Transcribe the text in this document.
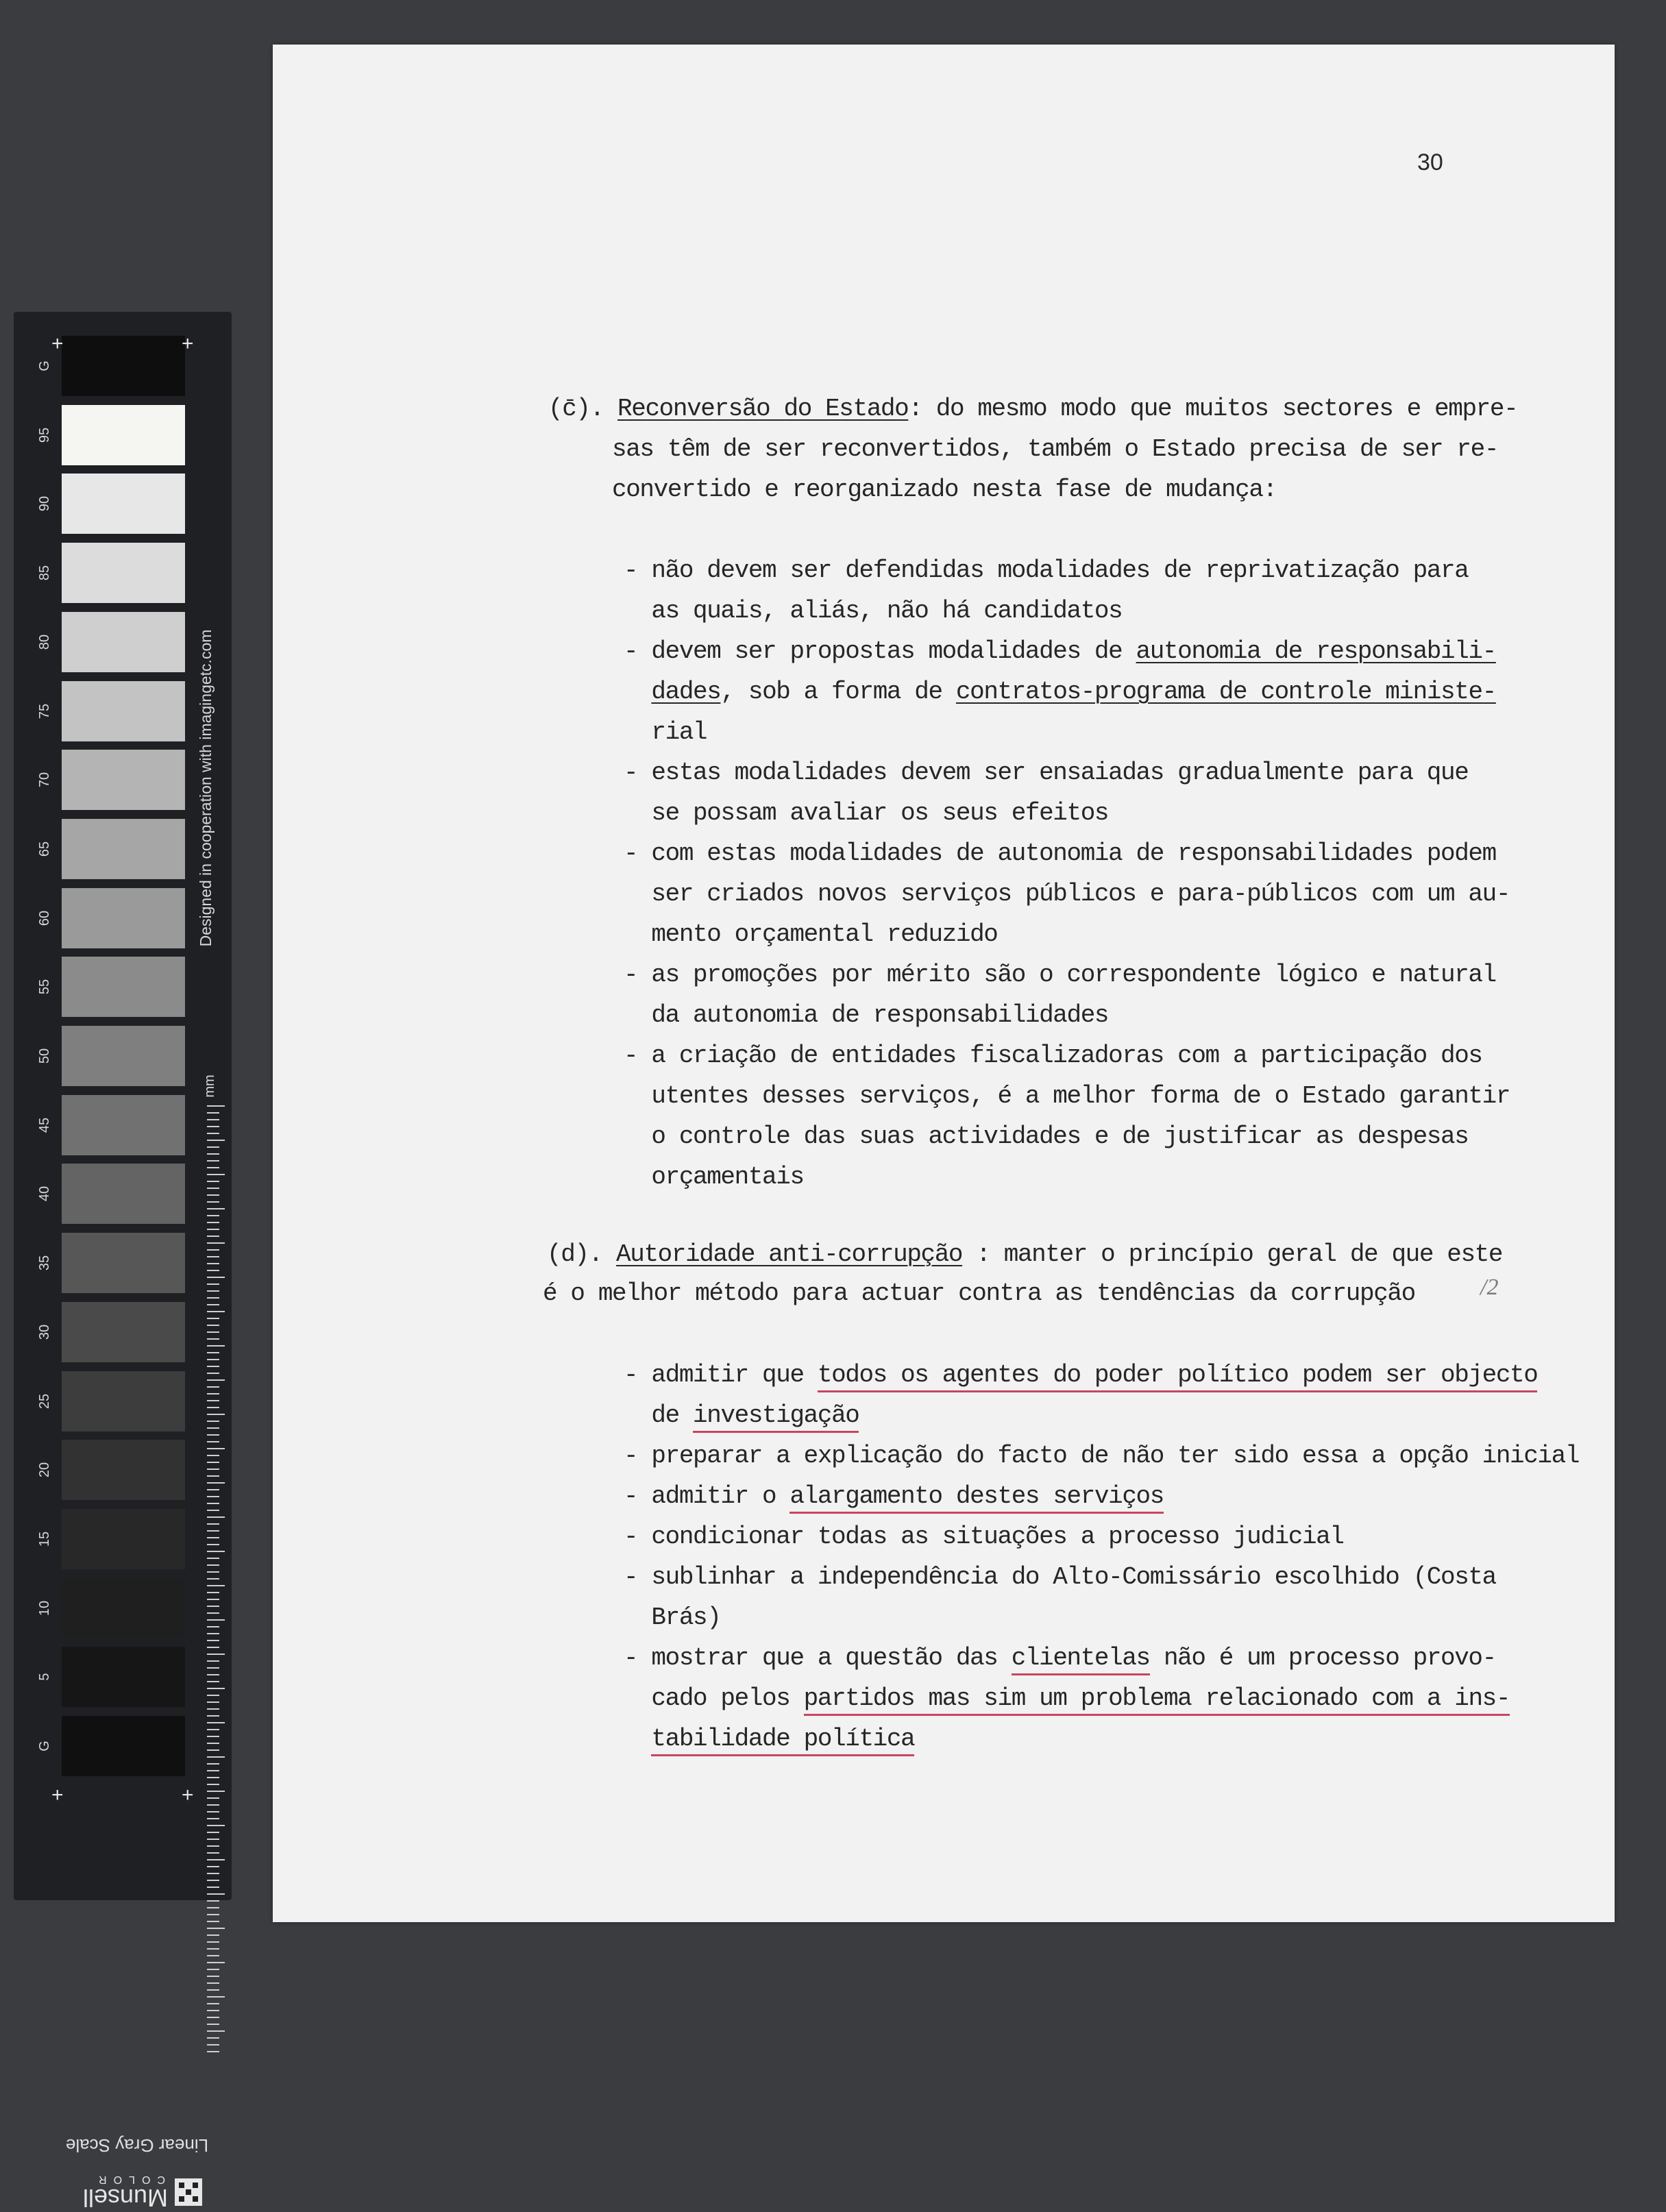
G
95
90
85
80
75
70
65
60
55
50
45
40
35
30
25
20
15
10
5
G
+	+
+	+
Designed in cooperation with imagingetc.com
mm
Linear Gray Scale
Munsell
COLOR
30
(c̄). Reconversão do Estado: do mesmo modo que muitos sectores e empre-
sas têm de ser reconvertidos, também o Estado precisa de ser re-
convertido e reorganizado nesta fase de mudança:
- não devem ser defendidas modalidades de reprivatização para
as quais, aliás, não há candidatos
- devem ser propostas modalidades de autonomia de responsabili-
dades, sob a forma de contratos-programa de controle ministe-
rial
- estas modalidades devem ser ensaiadas gradualmente para que
se possam avaliar os seus efeitos
- com estas modalidades de autonomia de responsabilidades podem
ser criados novos serviços públicos e para-públicos com um au-
mento orçamental reduzido
- as promoções por mérito são o correspondente lógico e natural
da autonomia de responsabilidades
- a criação de entidades fiscalizadoras com a participação dos
utentes desses serviços, é a melhor forma de o Estado garantir
o controle das suas actividades e de justificar as despesas
orçamentais
(d). Autoridade anti-corrupção : manter o princípio geral de que este
é o melhor método para actuar contra as tendências da corrupção	/2
- admitir que todos os agentes do poder político podem ser objecto
de investigação
- preparar a explicação do facto de não ter sido essa a opção inicial
- admitir o alargamento destes serviços
- condicionar todas as situações a processo judicial
- sublinhar a independência do Alto-Comissário escolhido (Costa
Brás)
- mostrar que a questão das clientelas não é um processo provo-
cado pelos partidos mas sim um problema relacionado com a ins-
tabilidade política
